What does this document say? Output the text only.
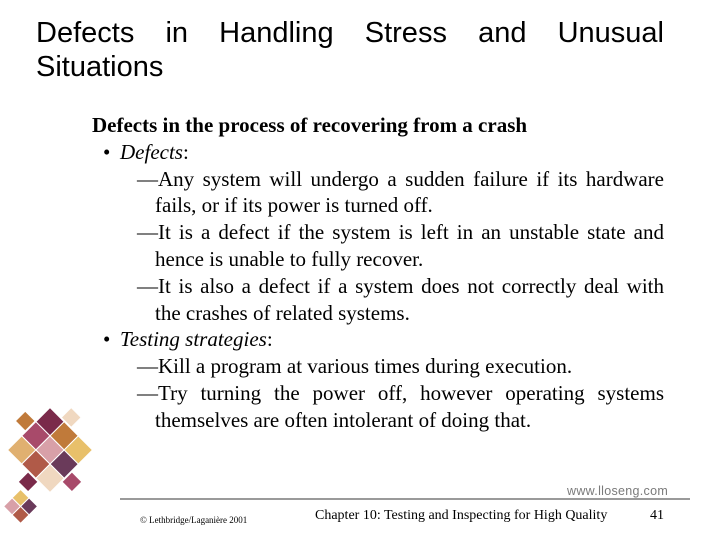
Defects in Handling Stress and Unusual Situations
Defects in the process of recovering from a crash
• Defects:
—Any system will undergo a sudden failure if its hardware fails, or if its power is turned off.
—It is a defect if the system is left in an unstable state and hence is unable to fully recover.
—It is also a defect if a system does not correctly deal with the crashes of related systems.
• Testing strategies:
—Kill a program at various times during execution.
—Try turning the power off, however operating systems themselves are often intolerant of doing that.
www.lloseng.com
© Lethbridge/Laganière 2001	Chapter 10: Testing and Inspecting for High Quality	41
